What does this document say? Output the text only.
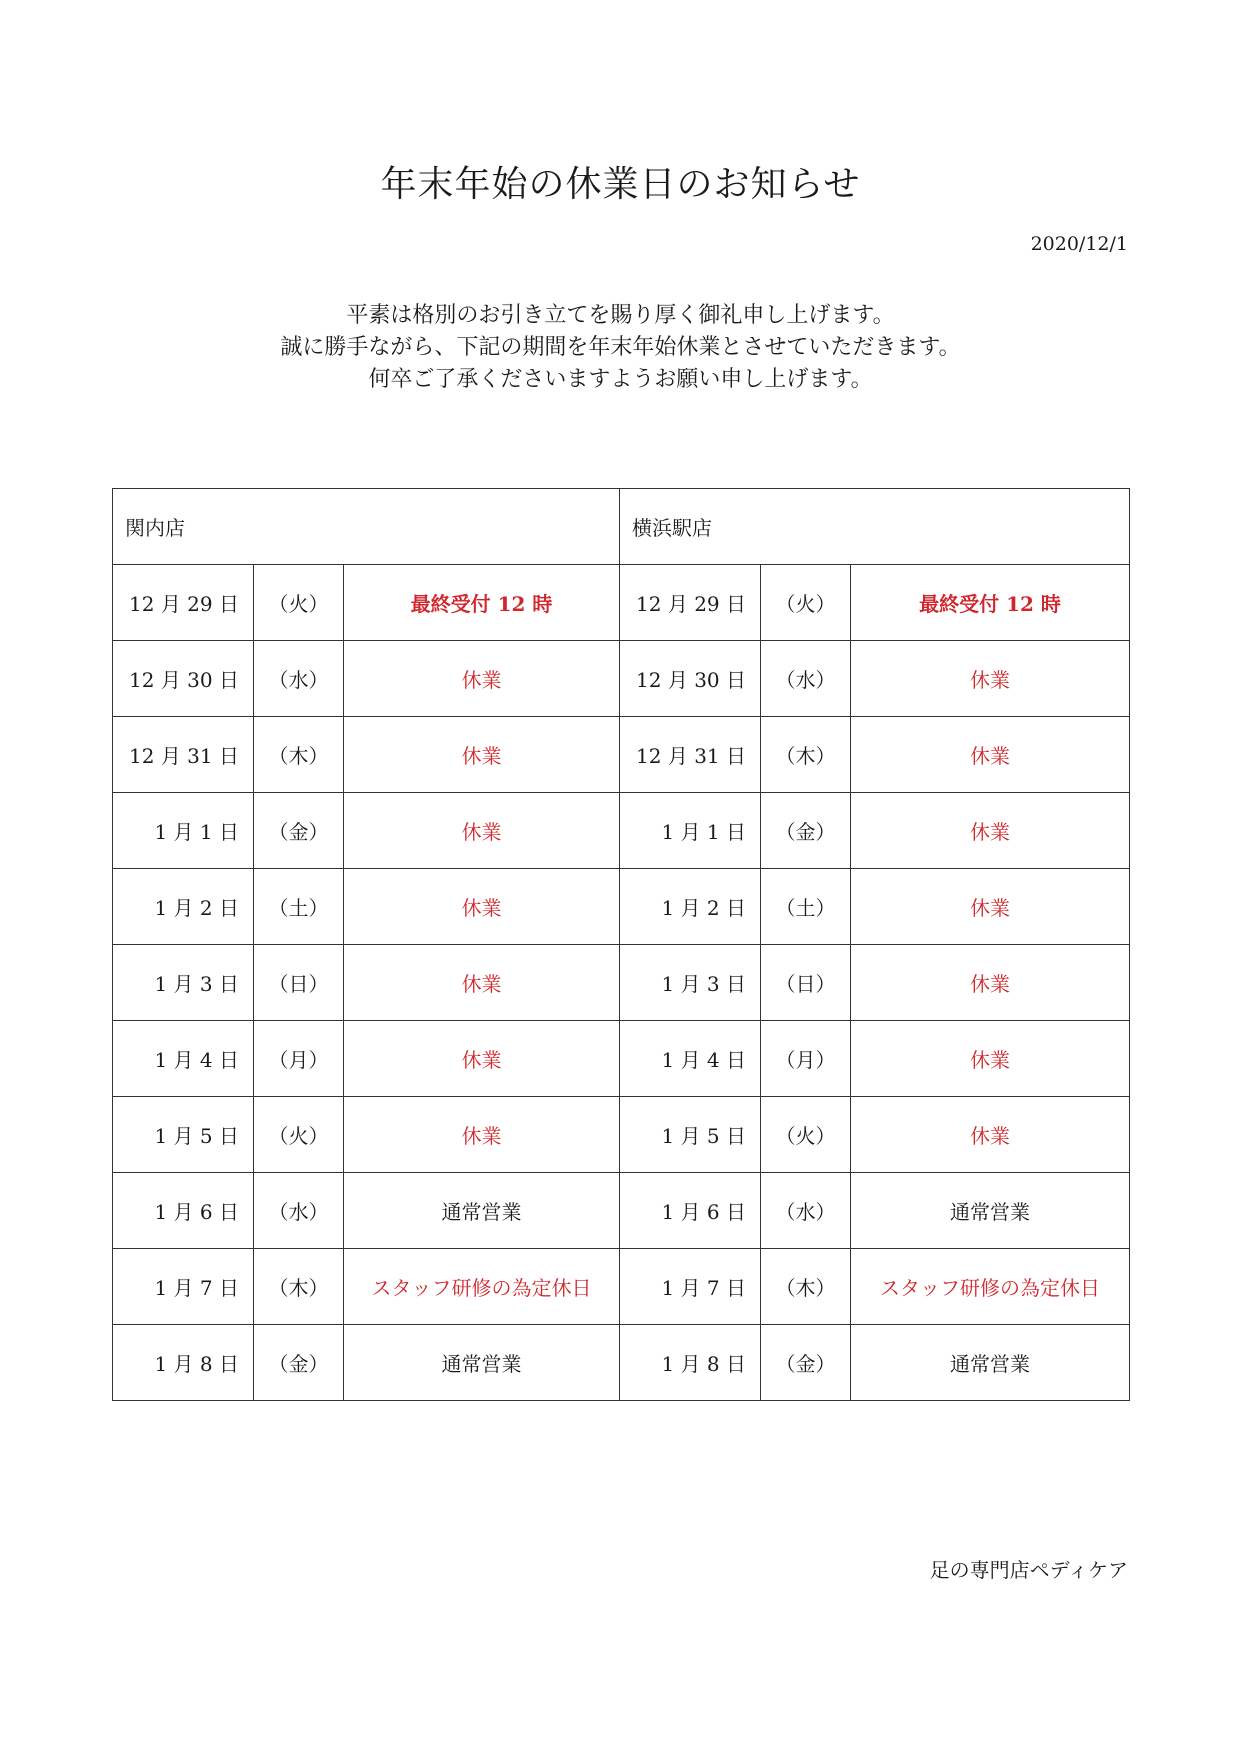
年末年始の休業日のお知らせ
2020/12/1
平素は格別のお引き立てを賜り厚く御礼申し上げます。
誠に勝手ながら、下記の期間を年末年始休業とさせていただきます。
何卒ご了承くださいますようお願い申し上げます。
関内店			横浜駅店		
12 月 29 日	（火）	最終受付 12 時	12 月 29 日	（火）	最終受付 12 時
12 月 30 日	（水）	休業	12 月 30 日	（水）	休業
12 月 31 日	（木）	休業	12 月 31 日	（木）	休業
1 月 1 日	（金）	休業	1 月 1 日	（金）	休業
1 月 2 日	（土）	休業	1 月 2 日	（土）	休業
1 月 3 日	（日）	休業	1 月 3 日	（日）	休業
1 月 4 日	（月）	休業	1 月 4 日	（月）	休業
1 月 5 日	（火）	休業	1 月 5 日	（火）	休業
1 月 6 日	（水）	通常営業	1 月 6 日	（水）	通常営業
1 月 7 日	（木）	スタッフ研修の為定休日	1 月 7 日	（木）	スタッフ研修の為定休日
1 月 8 日	（金）	通常営業	1 月 8 日	（金）	通常営業
足の専門店ペディケア
